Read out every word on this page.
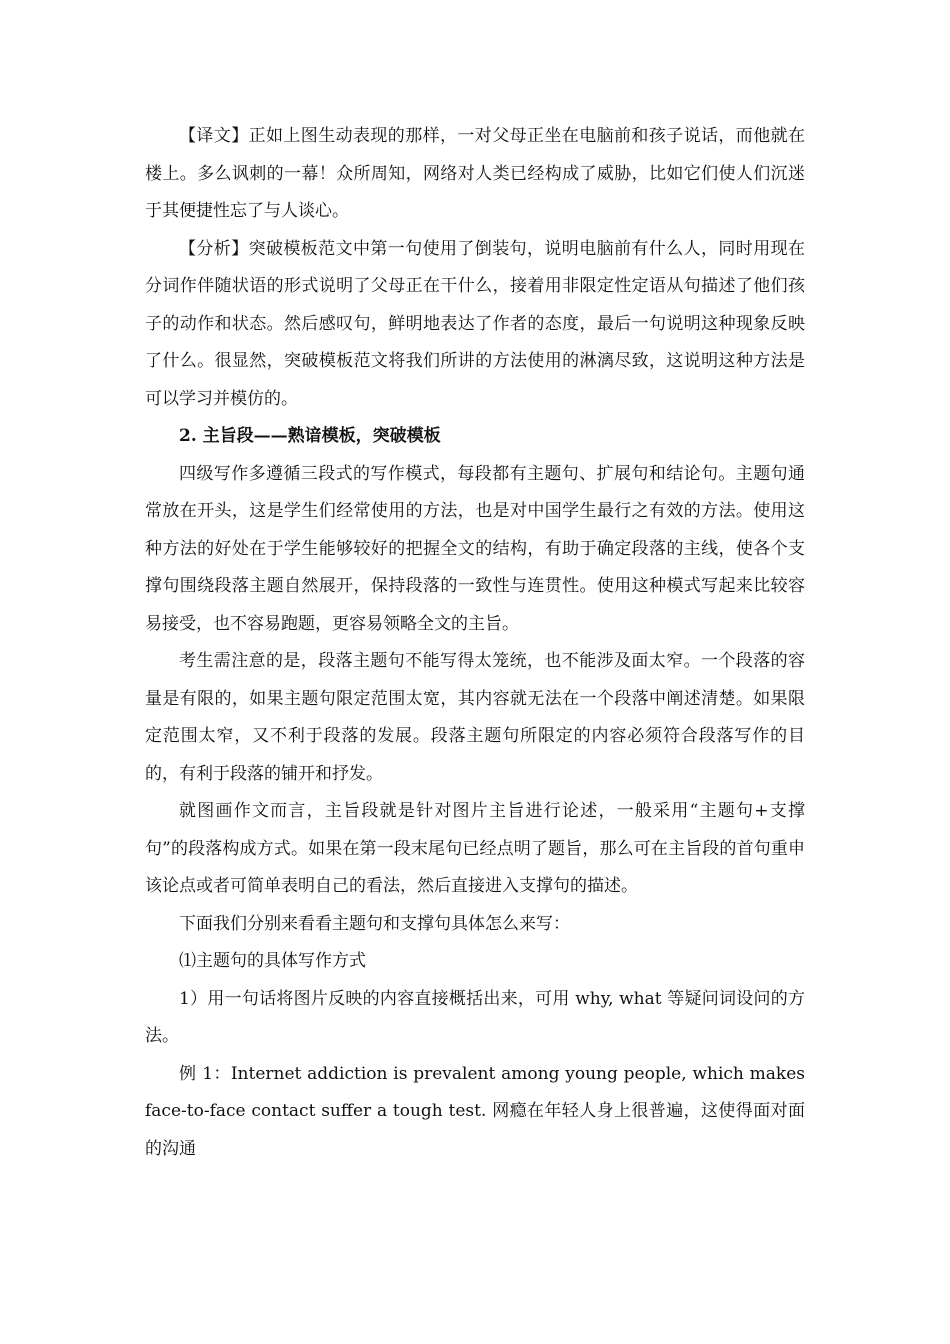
【译文】正如上图生动表现的那样，一对父母正坐在电脑前和孩子说话，而他就在楼上。多么讽刺的一幕！众所周知，网络对人类已经构成了威胁，比如它们使人们沉迷于其便捷性忘了与人谈心。

【分析】突破模板范文中第一句使用了倒装句，说明电脑前有什么人，同时用现在分词作伴随状语的形式说明了父母正在干什么，接着用非限定性定语从句描述了他们孩子的动作和状态。然后感叹句，鲜明地表达了作者的态度，最后一句说明这种现象反映了什么。很显然，突破模板范文将我们所讲的方法使用的淋漓尽致，这说明这种方法是可以学习并模仿的。

2. 主旨段——熟谙模板，突破模板

四级写作多遵循三段式的写作模式，每段都有主题句、扩展句和结论句。主题句通常放在开头，这是学生们经常使用的方法，也是对中国学生最行之有效的方法。使用这种方法的好处在于学生能够较好的把握全文的结构，有助于确定段落的主线，使各个支撑句围绕段落主题自然展开，保持段落的一致性与连贯性。使用这种模式写起来比较容易接受，也不容易跑题，更容易领略全文的主旨。

考生需注意的是，段落主题句不能写得太笼统，也不能涉及面太窄。一个段落的容量是有限的，如果主题句限定范围太宽，其内容就无法在一个段落中阐述清楚。如果限定范围太窄，又不利于段落的发展。段落主题句所限定的内容必须符合段落写作的目的，有利于段落的铺开和抒发。

就图画作文而言，主旨段就是针对图片主旨进行论述，一般采用“主题句+支撑句”的段落构成方式。如果在第一段末尾句已经点明了题旨，那么可在主旨段的首句重申该论点或者可简单表明自己的看法，然后直接进入支撑句的描述。

下面我们分别来看看主题句和支撑句具体怎么来写：

⑴主题句的具体写作方式

1）用一句话将图片反映的内容直接概括出来，可用 why, what 等疑问词设问的方法。

例 1：Internet addiction is prevalent among young people, which makes face-to-face contact suffer a tough test. 网瘾在年轻人身上很普遍，这使得面对面的沟通
